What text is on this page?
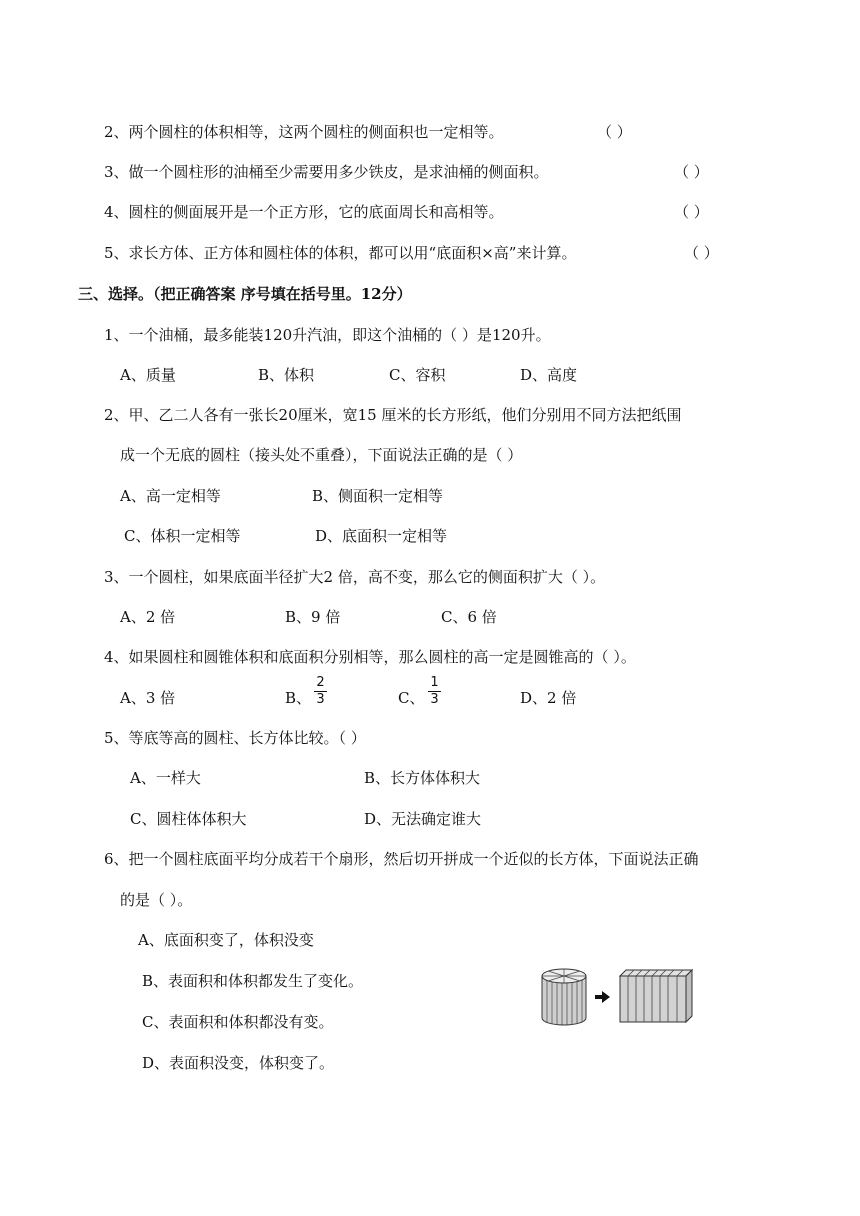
2、两个圆柱的体积相等，这两个圆柱的侧面积也一定相等。	（ ）
3、做一个圆柱形的油桶至少需要用多少铁皮，是求油桶的侧面积。	（ ）
4、圆柱的侧面展开是一个正方形，它的底面周长和高相等。	（ ）
5、求长方体、正方体和圆柱体的体积，都可以用“底面积×高”来计算。	（ ）
三、选择。（把正确答案 序号填在括号里。12分）
1、一个油桶，最多能装120升汽油，即这个油桶的（ ）是120升。
A、质量	B、体积	C、容积	D、高度
2、甲、乙二人各有一张长20厘米，宽15 厘米的长方形纸，他们分别用不同方法把纸围
成一个无底的圆柱（接头处不重叠），下面说法正确的是（ ）
A、高一定相等	B、侧面积一定相等
C、体积一定相等	D、底面积一定相等
3、一个圆柱，如果底面半径扩大2 倍，高不变，那么它的侧面积扩大（ ）。
A、2 倍	B、9 倍	C、6 倍
4、如果圆柱和圆锥体积和底面积分别相等，那么圆柱的高一定是圆锥高的（ ）。
A、3 倍	B、
2
3	C、
1
3	D、2 倍
5、等底等高的圆柱、长方体比较。（ ）
A、一样大	B、长方体体积大
C、圆柱体体积大	D、无法确定谁大
6、把一个圆柱底面平均分成若干个扇形，然后切开拼成一个近似的长方体，下面说法正确
的是（ ）。
A、底面积变了，体积没变
B、表面积和体积都发生了变化。
C、表面积和体积都没有变。
D、表面积没变，体积变了。
